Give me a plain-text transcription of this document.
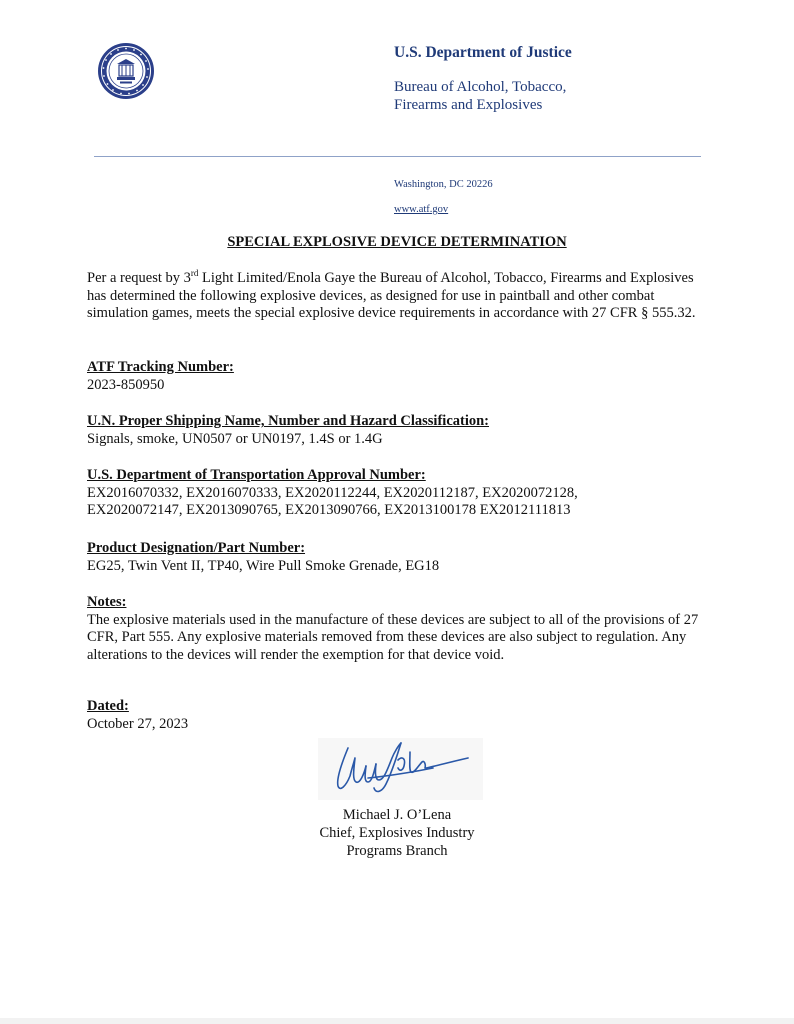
U.S. Department of Justice
Bureau of Alcohol, Tobacco,
Firearms and Explosives
Washington, DC 20226
www.atf.gov
SPECIAL EXPLOSIVE DEVICE DETERMINATION
Per a request by 3rd Light Limited/Enola Gaye the Bureau of Alcohol, Tobacco, Firearms and Explosives has determined the following explosive devices, as designed for use in paintball and other combat simulation games, meets the special explosive device requirements in accordance with 27 CFR § 555.32.
ATF Tracking Number:
2023-850950
U.N. Proper Shipping Name, Number and Hazard Classification:
Signals, smoke, UN0507 or UN0197, 1.4S or 1.4G
U.S. Department of Transportation Approval Number:
EX2016070332, EX2016070333, EX2020112244, EX2020112187, EX2020072128,
EX2020072147, EX2013090765, EX2013090766, EX2013100178 EX2012111813
Product Designation/Part Number:
EG25, Twin Vent II, TP40, Wire Pull Smoke Grenade, EG18
Notes:
The explosive materials used in the manufacture of these devices are subject to all of the provisions of 27 CFR, Part 555. Any explosive materials removed from these devices are also subject to regulation. Any alterations to the devices will render the exemption for that device void.
Dated:
October 27, 2023
Michael J. O’Lena
Chief, Explosives Industry
Programs Branch
